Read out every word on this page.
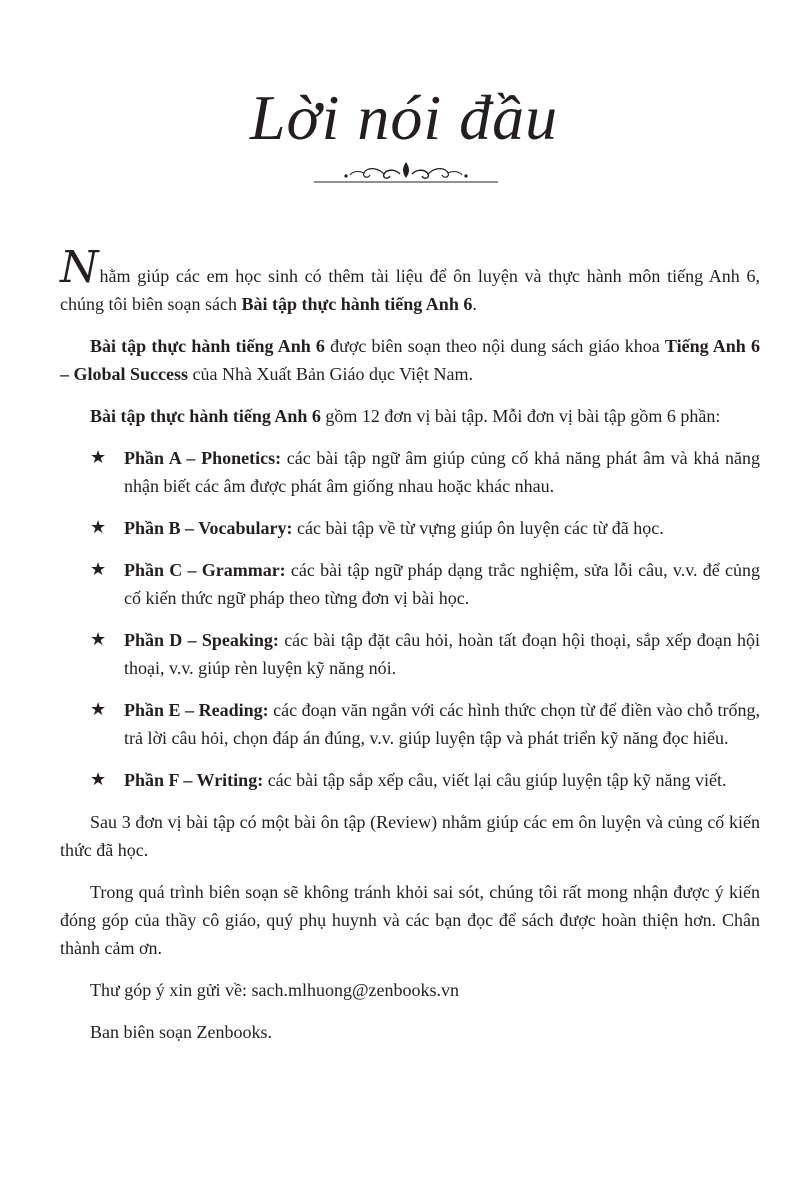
Lời nói đầu

Nhằm giúp các em học sinh có thêm tài liệu để ôn luyện và thực hành môn tiếng Anh 6, chúng tôi biên soạn sách Bài tập thực hành tiếng Anh 6.

Bài tập thực hành tiếng Anh 6 được biên soạn theo nội dung sách giáo khoa Tiếng Anh 6 – Global Success của Nhà Xuất Bản Giáo dục Việt Nam.

Bài tập thực hành tiếng Anh 6 gồm 12 đơn vị bài tập. Mỗi đơn vị bài tập gồm 6 phần:

★ Phần A – Phonetics: các bài tập ngữ âm giúp củng cố khả năng phát âm và khả năng nhận biết các âm được phát âm giống nhau hoặc khác nhau.
★ Phần B – Vocabulary: các bài tập về từ vựng giúp ôn luyện các từ đã học.
★ Phần C – Grammar: các bài tập ngữ pháp dạng trắc nghiệm, sửa lỗi câu, v.v. để củng cố kiến thức ngữ pháp theo từng đơn vị bài học.
★ Phần D – Speaking: các bài tập đặt câu hỏi, hoàn tất đoạn hội thoại, sắp xếp đoạn hội thoại, v.v. giúp rèn luyện kỹ năng nói.
★ Phần E – Reading: các đoạn văn ngắn với các hình thức chọn từ để điền vào chỗ trống, trả lời câu hỏi, chọn đáp án đúng, v.v. giúp luyện tập và phát triển kỹ năng đọc hiểu.
★ Phần F – Writing: các bài tập sắp xếp câu, viết lại câu giúp luyện tập kỹ năng viết.

Sau 3 đơn vị bài tập có một bài ôn tập (Review) nhằm giúp các em ôn luyện và củng cố kiến thức đã học.

Trong quá trình biên soạn sẽ không tránh khỏi sai sót, chúng tôi rất mong nhận được ý kiến đóng góp của thầy cô giáo, quý phụ huynh và các bạn đọc để sách được hoàn thiện hơn. Chân thành cảm ơn.

Thư góp ý xin gửi về: sach.mlhuong@zenbooks.vn

Ban biên soạn Zenbooks.
